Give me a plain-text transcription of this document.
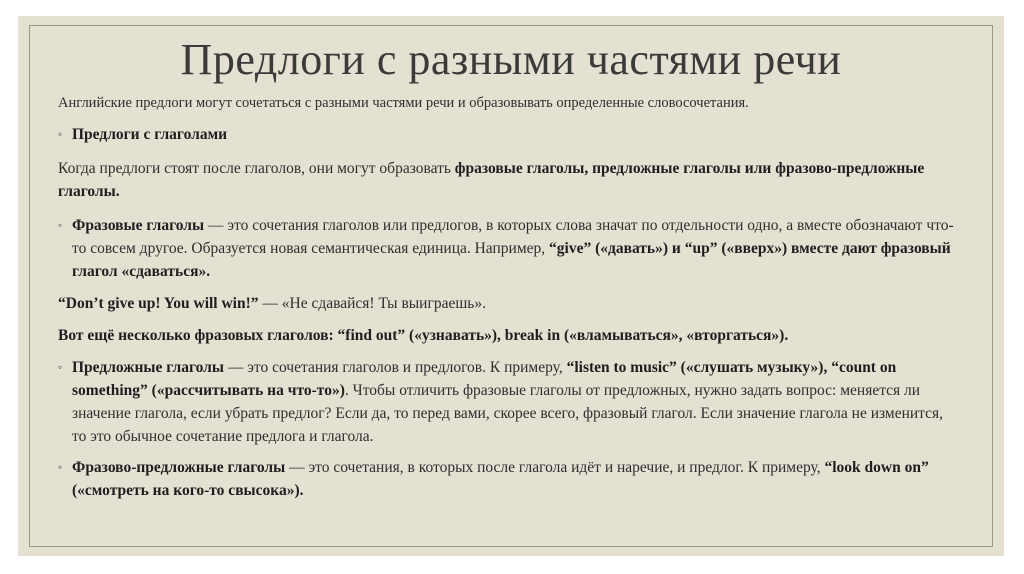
Предлоги с разными частями речи

Английские предлоги могут сочетаться с разными частями речи и образовывать определенные словосочетания.

◦ Предлоги с глаголами

Когда предлоги стоят после глаголов, они могут образовать фразовые глаголы, предложные глаголы или фразово-предложные глаголы.

◦ Фразовые глаголы — это сочетания глаголов или предлогов, в которых слова значат по отдельности одно, а вместе обозначают что-то совсем другое. Образуется новая семантическая единица. Например, “give” («давать») и “up” («вверх») вместе дают фразовый глагол «сдаваться».

“Don’t give up! You will win!” — «Не сдавайся! Ты выиграешь».

Вот ещё несколько фразовых глаголов: “find out” («узнавать»), break in («вламываться», «вторгаться»).

◦ Предложные глаголы — это сочетания глаголов и предлогов. К примеру, “listen to music” («слушать музыку»), “count on something” («рассчитывать на что-то»). Чтобы отличить фразовые глаголы от предложных, нужно задать вопрос: меняется ли значение глагола, если убрать предлог? Если да, то перед вами, скорее всего, фразовый глагол. Если значение глагола не изменится, то это обычное сочетание предлога и глагола.

◦ Фразово-предложные глаголы — это сочетания, в которых после глагола идёт и наречие, и предлог. К примеру, “look down on” («смотреть на кого-то свысока»).
